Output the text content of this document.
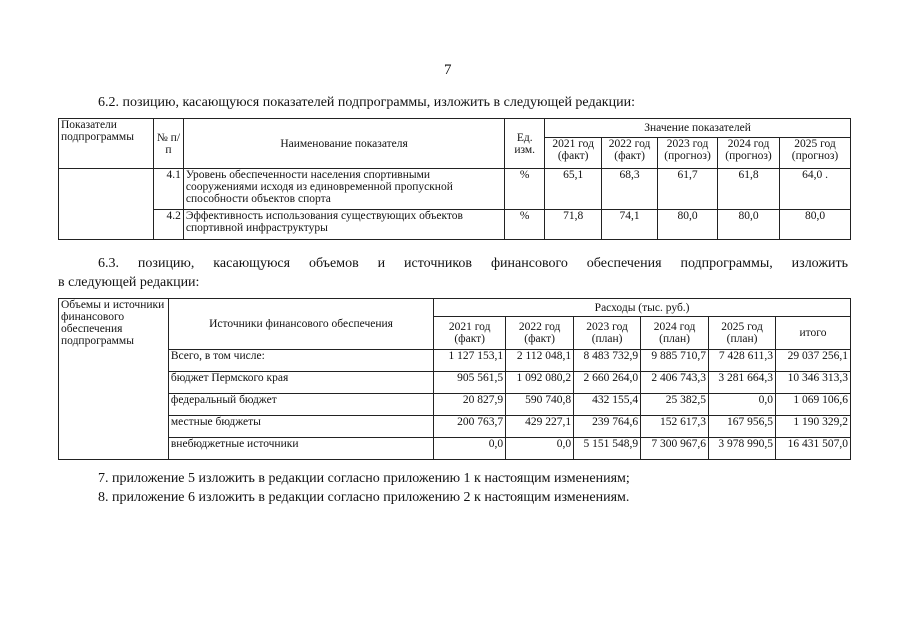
7
6.2. позицию, касающуюся показателей подпрограммы, изложить в следующей редакции:
Показатели подпрограммы	№ п/п	Наименование показателя	Ед. изм.	Значение показателей				
				2021 год (факт)	2022 год (факт)	2023 год (прогноз)	2024 год (прогноз)	2025 год (прогноз)
	4.1	Уровень обеспеченности населения спортивными сооружениями исходя из единовременной пропускной способности объектов спорта	%	65,1	68,3	61,7	61,8	64,0 .
	4.2	Эффективность использования существующих объектов спортивной инфраструктуры	%	71,8	74,1	80,0	80,0	80,0
6.3. позицию, касающуюся объемов и источников финансового обеспечения подпрограммы, изложить
в следующей редакции:
Объемы и источники финансового обеспечения подпрограммы	Источники финансового обеспечения	Расходы (тыс. руб.)					
		2021 год (факт)	2022 год (факт)	2023 год (план)	2024 год (план)	2025 год (план)	итого
	Всего, в том числе:	1 127 153,1	2 112 048,1	8 483 732,9	9 885 710,7	7 428 611,3	29 037 256,1
	бюджет Пермского края	905 561,5	1 092 080,2	2 660 264,0	2 406 743,3	3 281 664,3	10 346 313,3
	федеральный бюджет	20 827,9	590 740,8	432 155,4	25 382,5	0,0	1 069 106,6
	местные бюджеты	200 763,7	429 227,1	239 764,6	152 617,3	167 956,5	1 190 329,2
	внебюджетные источники	0,0	0,0	5 151 548,9	7 300 967,6	3 978 990,5	16 431 507,0
7. приложение 5 изложить в редакции согласно приложению 1 к настоящим изменениям;
8. приложение 6 изложить в редакции согласно приложению 2 к настоящим изменениям.
